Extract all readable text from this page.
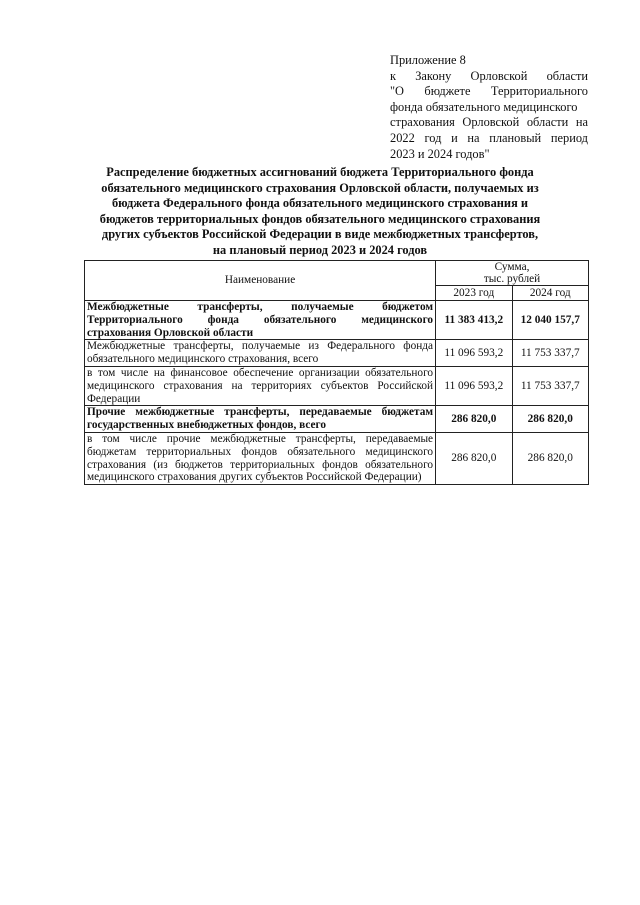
Приложение 8
к Закону Орловской области
"О бюджете Территориального
фонда обязательного медицинского
страхования Орловской области на
2022 год и на плановый период
2023 и 2024 годов"
Распределение бюджетных ассигнований бюджета Территориального фонда
обязательного медицинского страхования Орловской области, получаемых из
бюджета Федерального фонда обязательного медицинского страхования и
бюджетов территориальных фондов обязательного медицинского страхования
других субъектов Российской Федерации в виде межбюджетных трансфертов,
на плановый период 2023 и 2024 годов
Наименование	Сумма,
тыс. рублей	
	2023 год	2024 год
Межбюджетные трансферты, получаемые бюджетом Территориального фонда обязательного медицинского страхования Орловской области	11 383 413,2	12 040 157,7
Межбюджетные трансферты, получаемые из Федерального фонда обязательного медицинского страхования, всего	11 096 593,2	11 753 337,7
в том числе на финансовое обеспечение организации обязательного медицинского страхования на территориях субъектов Российской Федерации	11 096 593,2	11 753 337,7
Прочие межбюджетные трансферты, передаваемые бюджетам государственных внебюджетных фондов, всего	286 820,0	286 820,0
в том числе прочие межбюджетные трансферты, передаваемые бюджетам территориальных фондов обязательного медицинского страхования (из бюджетов территориальных фондов обязательного медицинского страхования других субъектов Российской Федерации)	286 820,0	286 820,0
